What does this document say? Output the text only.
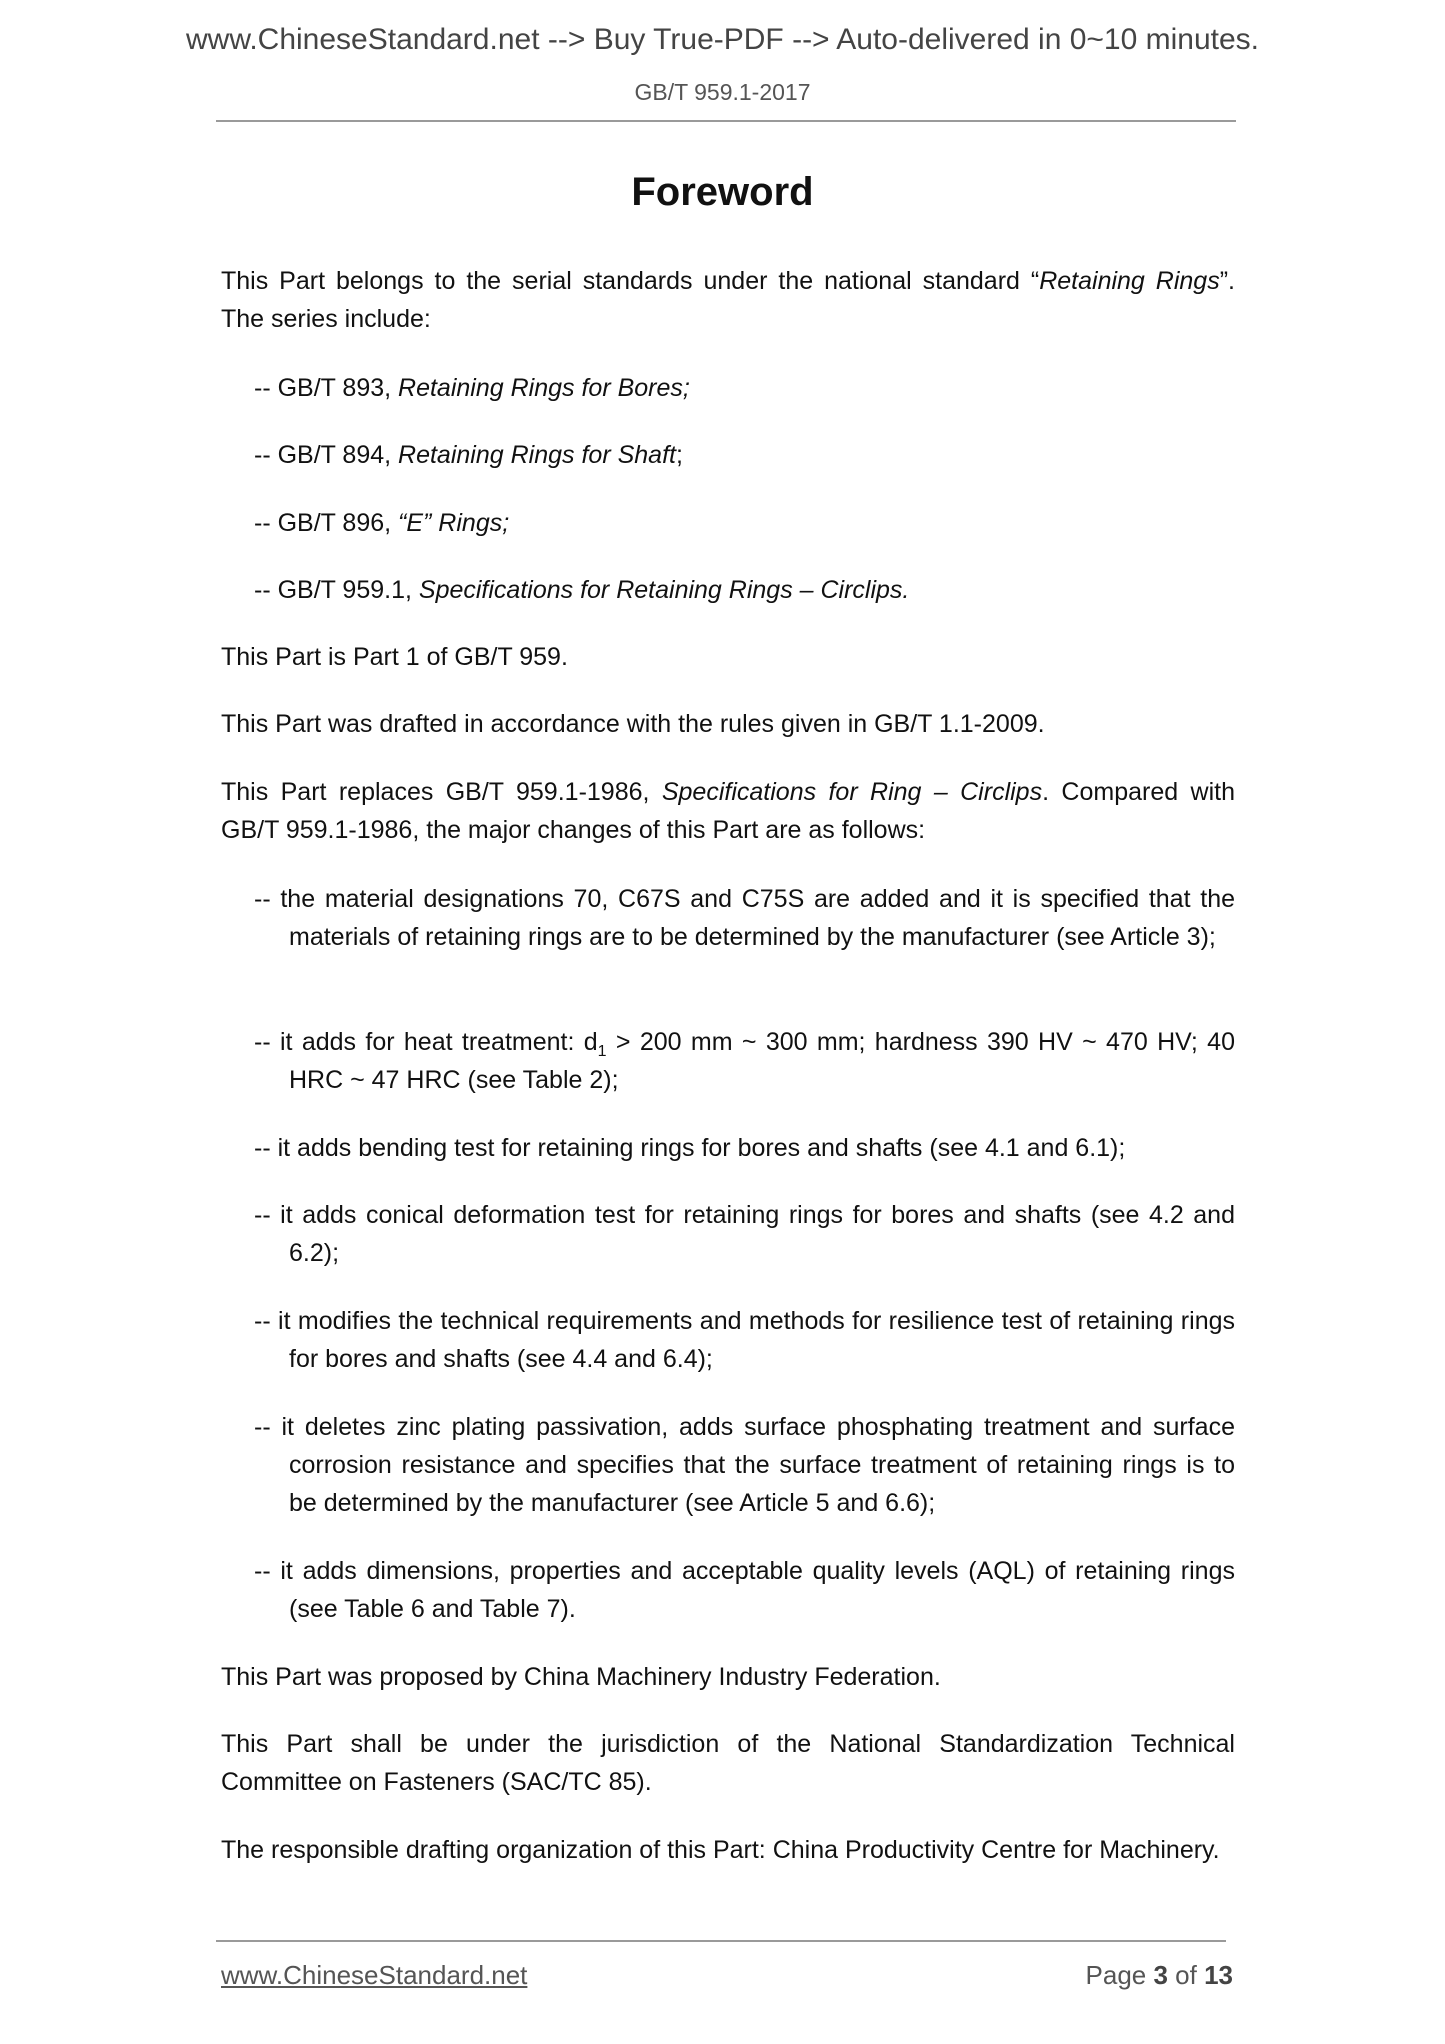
www.ChineseStandard.net --> Buy True-PDF --> Auto-delivered in 0~10 minutes.
GB/T 959.1-2017
Foreword

This Part belongs to the serial standards under the national standard “Retaining Rings”. The series include:

-- GB/T 893, Retaining Rings for Bores;

-- GB/T 894, Retaining Rings for Shaft;

-- GB/T 896, “E” Rings;

-- GB/T 959.1, Specifications for Retaining Rings – Circlips.

This Part is Part 1 of GB/T 959.

This Part was drafted in accordance with the rules given in GB/T 1.1-2009.

This Part replaces GB/T 959.1-1986, Specifications for Ring – Circlips. Compared with GB/T 959.1-1986, the major changes of this Part are as follows:

-- the material designations 70, C67S and C75S are added and it is specified that the materials of retaining rings are to be determined by the manufacturer (see Article 3);

-- it adds for heat treatment: $d_1 > 200$ mm ~ 300 mm; hardness 390 HV ~ 470 HV; 40 HRC ~ 47 HRC (see Table 2);

-- it adds bending test for retaining rings for bores and shafts (see 4.1 and 6.1);

-- it adds conical deformation test for retaining rings for bores and shafts (see 4.2 and 6.2);

-- it modifies the technical requirements and methods for resilience test of retaining rings for bores and shafts (see 4.4 and 6.4);

-- it deletes zinc plating passivation, adds surface phosphating treatment and surface corrosion resistance and specifies that the surface treatment of retaining rings is to be determined by the manufacturer (see Article 5 and 6.6);

-- it adds dimensions, properties and acceptable quality levels (AQL) of retaining rings (see Table 6 and Table 7).

This Part was proposed by China Machinery Industry Federation.

This Part shall be under the jurisdiction of the National Standardization Technical Committee on Fasteners (SAC/TC 85).

The responsible drafting organization of this Part: China Productivity Centre for Machinery.

www.ChineseStandard.net	Page 3 of 13
